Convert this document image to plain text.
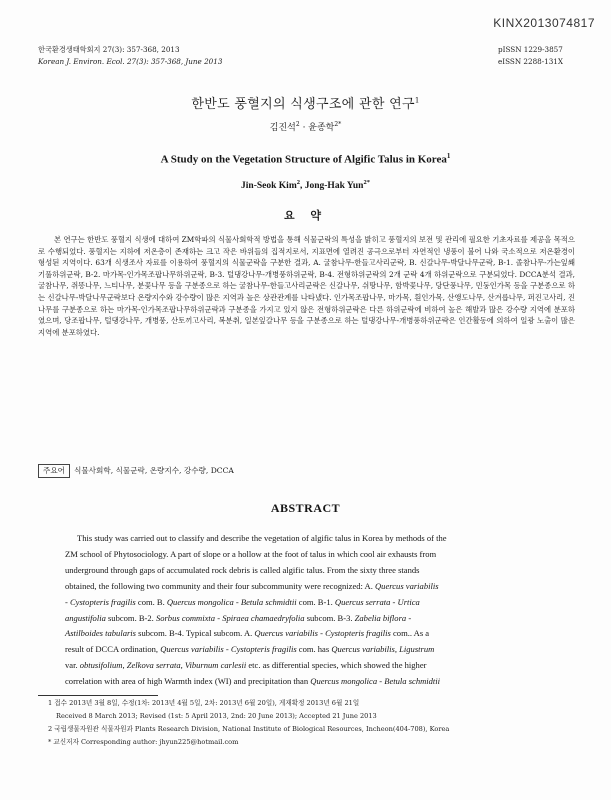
KINX2013074817
한국환경생태학회지 27(3): 357-368, 2013
Korean J. Environ. Ecol. 27(3): 357-368, June 2013
pISSN 1229-3857
eISSN 2288-131X
한반도 풍혈지의 식생구조에 관한 연구$^1$
김진석$^2$ · 윤종학$^{2*}$
A Study on the Vegetation Structure of Algific Talus in Korea$^1$
Jin-Seok Kim$^2$, Jong-Hak Yun$^{2*}$
요 약

본 연구는 한반도 풍혈지 식생에 대하여 ZM학파의 식물사회학적 방법을 통해 식물군락의 특성을 밝히고 풍혈지의 보전 및 관리에 필요한 기초자료를 제공을 목적으로 수행되었다. 풍혈지는 지하에 저온층이 존재하는 크고 작은 바위들의 집적지로서, 지표면에 열려진 공극으로부터 자연적인 냉풍이 불어 나와 국소적으로 저온환경이 형성된 지역이다. 63개 식생조사 자료를 이용하여 풍혈지의 식물군락을 구분한 결과, A. 굴참나무-한들고사리군락, B. 신갈나무-박달나무군락, B-1. 졸참나무-가는잎쐐기풀하위군락, B-2. 마가목-인가목조팝나무하위군락, B-3. 털댕강나무-개병풍하위군락, B-4. 전형하위군락의 2개 군락 4개 하위군락으로 구분되었다. DCCA분석 결과, 굴참나무, 쥐똥나무, 느티나무, 분꽃나무 등을 구분종으로 하는 굴참나무-한들고사리군락은 신갈나무, 쉬땅나무, 함박꽃나무, 당단풍나무, 민둥인가목 등을 구분종으로 하는 신갈나무-박달나무군락보다 온량지수와 강수량이 많은 지역과 높은 상관관계를 나타냈다. 인가목조팝나무, 마가목, 흰인가목, 산앵도나무, 산겨릅나무, 퍼진고사리, 진나무를 구분종으로 하는 마가목-인가목조팝나무하위군락과 구분종을 가지고 있지 않은 전형하위군락은 다른 하위군락에 비하여 높은 해발과 많은 강수량 지역에 분포하였으며, 당조팝나무, 털댕강나무, 개병풍, 산토끼고사리, 복분취, 일본잎갈나무 등을 구분종으로 하는 털댕강나무-개병풍하위군락은 인간활동에 의하여 일광 노출이 많은 지역에 분포하였다.

주요어 식물사회학, 식물군락, 온량지수, 강수량, DCCA
ABSTRACT
This study was carried out to classify and describe the vegetation of algific talus in Korea by methods of the
ZM school of Phytosociology. A part of slope or a hollow at the foot of talus in which cool air exhausts from
underground through gaps of accumulated rock debris is called algific talus. From the sixty three stands
obtained, the following two community and their four subcommunity were recognized: A. Quercus variabilis
- Cystopteris fragilis com. B. Quercus mongolica - Betula schmidtii com. B-1. Quercus serrata - Urtica
angustifolia subcom. B-2. Sorbus commixta - Spiraea chamaedryfolia subcom. B-3. Zabelia biflora -
Astilboides tabularis subcom. B-4. Typical subcom. A. Quercus variabilis - Cystopteris fragilis com.. As a
result of DCCA ordination, Quercus variabilis - Cystopteris fragilis com. has Quercus variabilis, Ligustrum
var. obtusifolium, Zelkova serrata, Viburnum carlesii etc. as differential species, which showed the higher
correlation with area of high Warmth index (WI) and precipitation than Quercus mongolica - Betula schmidtii
1 접수 2013년 3월 8일, 수정(1차: 2013년 4월 5일, 2차: 2013년 6월 20일), 게재확정 2013년 6월 21일
Received 8 March 2013; Revised (1st: 5 April 2013, 2nd: 20 June 2013); Accepted 21 June 2013
2 국립생물자원관 식물자원과 Plants Research Division, National Institute of Biological Resources, Incheon(404-708), Korea
* 교신저자 Corresponding author: jhyun225@hotmail.com
